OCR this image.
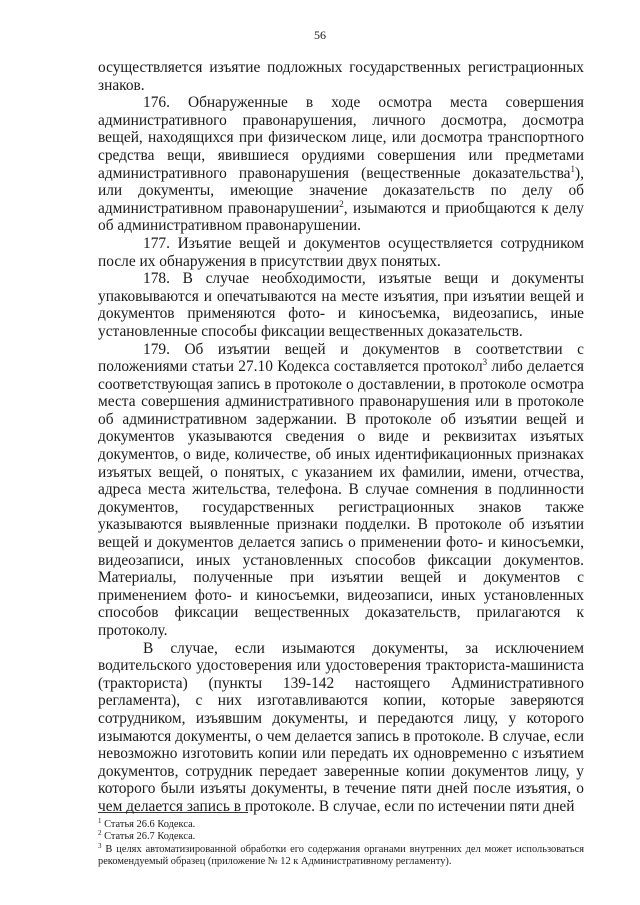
56

осуществляется изъятие подложных государственных регистрационных знаков.

176. Обнаруженные в ходе осмотра места совершения административного правонарушения, личного досмотра, досмотра вещей, находящихся при физическом лице, или досмотра транспортного средства вещи, явившиеся орудиями совершения или предметами административного правонарушения (вещественные доказательства$^1$), или документы, имеющие значение доказательств по делу об административном правонарушении$^2$, изымаются и приобщаются к делу об административном правонарушении.

177. Изъятие вещей и документов осуществляется сотрудником после их обнаружения в присутствии двух понятых.

178. В случае необходимости, изъятые вещи и документы упаковываются и опечатываются на месте изъятия, при изъятии вещей и документов применяются фото- и киносъемка, видеозапись, иные установленные способы фиксации вещественных доказательств.

179. Об изъятии вещей и документов в соответствии с положениями статьи 27.10 Кодекса составляется протокол$^3$ либо делается соответствующая запись в протоколе о доставлении, в протоколе осмотра места совершения административного правонарушения или в протоколе об административном задержании. В протоколе об изъятии вещей и документов указываются сведения о виде и реквизитах изъятых документов, о виде, количестве, об иных идентификационных признаках изъятых вещей, о понятых, с указанием их фамилии, имени, отчества, адреса места жительства, телефона. В случае сомнения в подлинности документов, государственных регистрационных знаков также указываются выявленные признаки подделки. В протоколе об изъятии вещей и документов делается запись о применении фото- и киносъемки, видеозаписи, иных установленных способов фиксации документов. Материалы, полученные при изъятии вещей и документов с применением фото- и киносъемки, видеозаписи, иных установленных способов фиксации вещественных доказательств, прилагаются к протоколу.

В случае, если изымаются документы, за исключением водительского удостоверения или удостоверения тракториста-машиниста (тракториста) (пункты 139-142 настоящего Административного регламента), с них изготавливаются копии, которые заверяются сотрудником, изъявшим документы, и передаются лицу, у которого изымаются документы, о чем делается запись в протоколе. В случае, если невозможно изготовить копии или передать их одновременно с изъятием документов, сотрудник передает заверенные копии документов лицу, у которого были изъяты документы, в течение пяти дней после изъятия, о чем делается запись в протоколе. В случае, если по истечении пяти дней

$^1$ Статья 26.6 Кодекса.

$^2$ Статья 26.7 Кодекса.

$^3$ В целях автоматизированной обработки его содержания органами внутренних дел может использоваться рекомендуемый образец (приложение № 12 к Административному регламенту).
